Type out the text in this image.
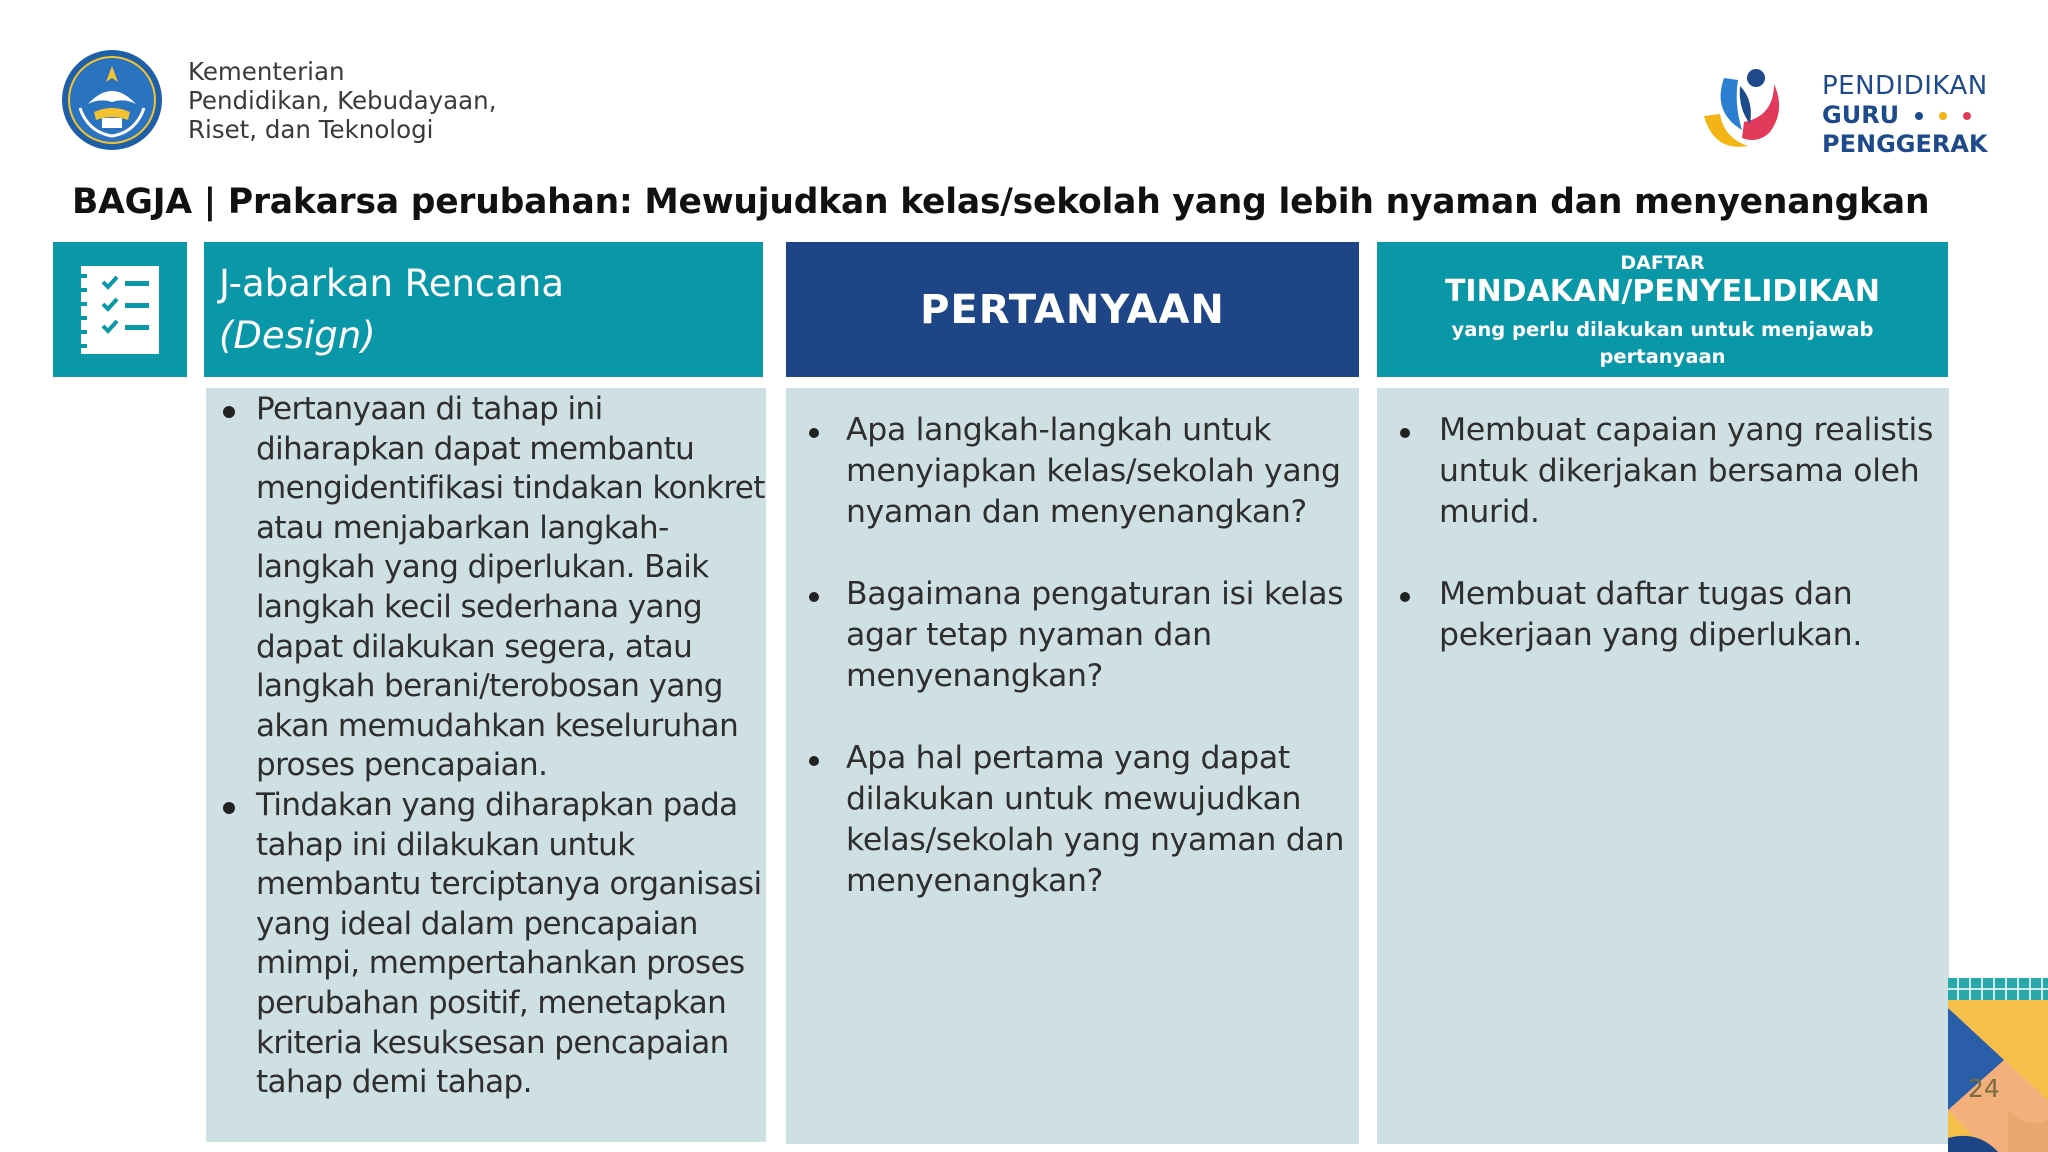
Kementerian
Pendidikan, Kebudayaan,
Riset, dan Teknologi
PENDIDIKAN
GURU
PENGGERAK
BAGJA | Prakarsa perubahan: Mewujudkan kelas/sekolah yang lebih nyaman dan menyenangkan
J-abarkan Rencana
(Design)
PERTANYAAN
DAFTAR
TINDAKAN/PENYELIDIKAN
yang perlu dilakukan untuk menjawab pertanyaan
Pertanyaan di tahap ini diharapkan dapat membantu mengidentifikasi tindakan konkret atau menjabarkan langkah-langkah yang diperlukan. Baik langkah kecil sederhana yang dapat dilakukan segera, atau langkah berani/terobosan yang akan memudahkan keseluruhan proses pencapaian.
Tindakan yang diharapkan pada tahap ini dilakukan untuk membantu terciptanya organisasi yang ideal dalam pencapaian mimpi, mempertahankan proses perubahan positif, menetapkan kriteria kesuksesan pencapaian tahap demi tahap.
Apa langkah-langkah untuk menyiapkan kelas/sekolah yang nyaman dan menyenangkan?
Bagaimana pengaturan isi kelas agar tetap nyaman dan menyenangkan?
Apa hal pertama yang dapat dilakukan untuk mewujudkan kelas/sekolah yang nyaman dan menyenangkan?
Membuat capaian yang realistis untuk dikerjakan bersama oleh murid.
Membuat daftar tugas dan pekerjaan yang diperlukan.
24
